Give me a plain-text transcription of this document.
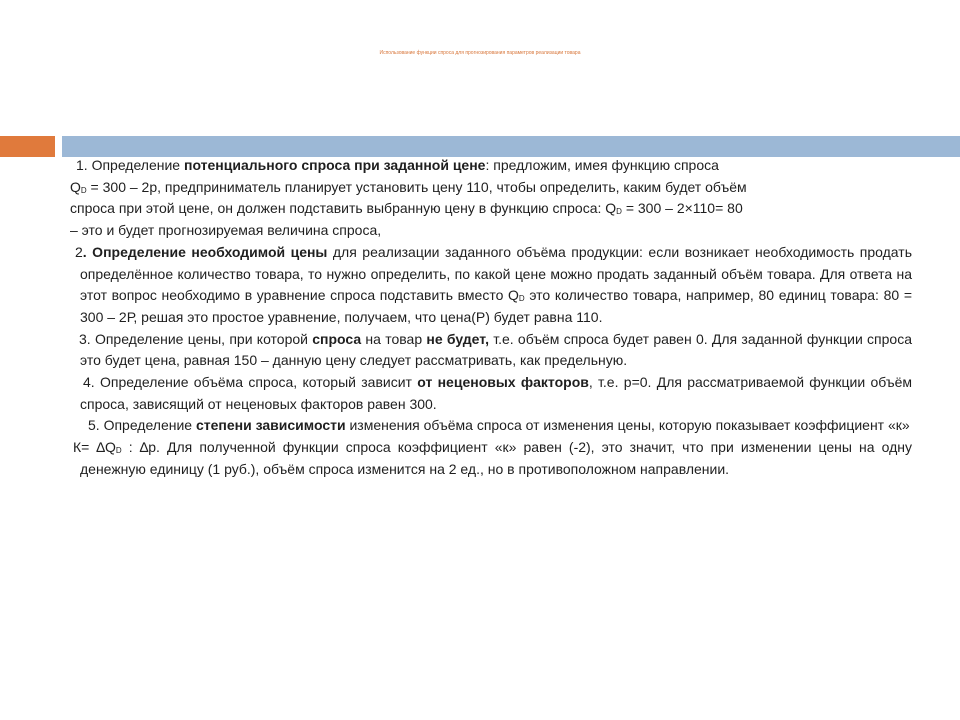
Использование функции спроса для прогнозирования параметров реализации товара

1. Определение потенциального спроса при заданной цене: предложим, имея функцию спроса

$Q_D = 300 - 2р$, предприниматель планирует установить цену 110, чтобы определить, каким будет объём

спроса при этой цене, он должен подставить выбранную цену в функцию спроса: $Q_D = 300 - 2\times 110= 80$

– это и будет прогнозируемая величина спроса,

2. Определение необходимой цены для реализации заданного объёма продукции: если возникает необходимость продать определённое количество товара, то нужно определить, по какой цене можно продать заданный объём товара. Для ответа на этот вопрос необходимо в уравнение спроса подставить вместо $Q_D$ это количество товара, например, 80 единиц товара: 80 = 300 – 2Р, решая это простое уравнение, получаем, что цена(Р) будет равна 110.

3. Определение цены, при которой спроса на товар не будет, т.е. объём спроса будет равен 0. Для заданной функции спроса это будет цена, равная 150 – данную цену следует рассматривать, как предельную.

4. Определение объёма спроса, который зависит от неценовых факторов, т.е. р=0. Для рассматриваемой функции объём спроса, зависящий от неценовых факторов равен 300.

5. Определение степени зависимости изменения объёма спроса от изменения цены, которую показывает коэффициент «к»

$К= \Delta Q_D$ : ∆р. Для полученной функции спроса коэффициент «к» равен (-2), это значит, что при изменении цены на одну денежную единицу (1 руб.), объём спроса изменится на 2 ед., но в противоположном направлении.
